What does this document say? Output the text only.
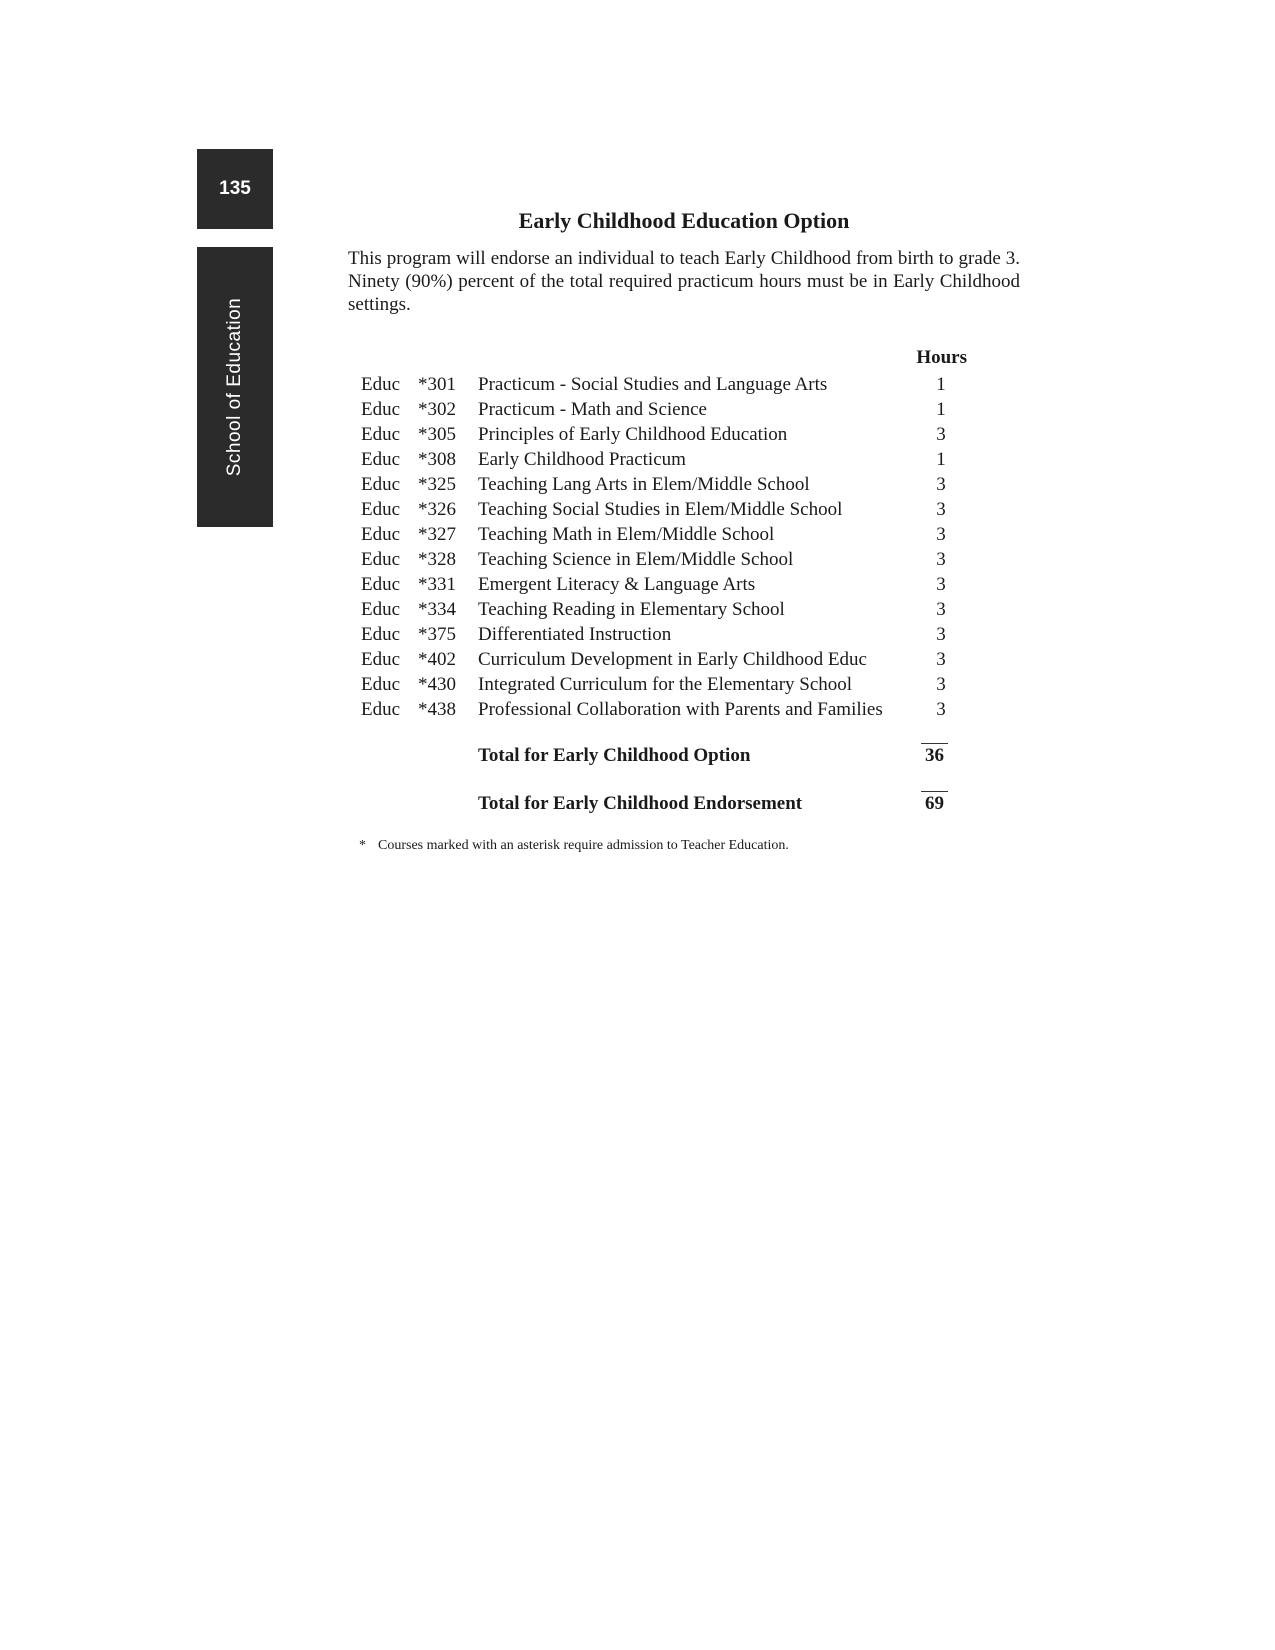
135
School of Education
Early Childhood Education Option

This program will endorse an individual to teach Early Childhood from birth to grade 3. Ninety (90%) percent of the total required practicum hours must be in Early Childhood settings.

Hours
Educ *301 Practicum - Social Studies and Language Arts	1
Educ *302 Practicum - Math and Science	1
Educ *305 Principles of Early Childhood Education	3
Educ *308 Early Childhood Practicum	1
Educ *325 Teaching Lang Arts in Elem/Middle School	3
Educ *326 Teaching Social Studies in Elem/Middle School	3
Educ *327 Teaching Math in Elem/Middle School	3
Educ *328 Teaching Science in Elem/Middle School	3
Educ *331 Emergent Literacy & Language Arts	3
Educ *334 Teaching Reading in Elementary School	3
Educ *375 Differentiated Instruction	3
Educ *402 Curriculum Development in Early Childhood Educ	3
Educ *430 Integrated Curriculum for the Elementary School	3
Educ *438 Professional Collaboration with Parents and Families	3
Total for Early Childhood Option	36
Total for Early Childhood Endorsement	69
* Courses marked with an asterisk require admission to Teacher Education.
